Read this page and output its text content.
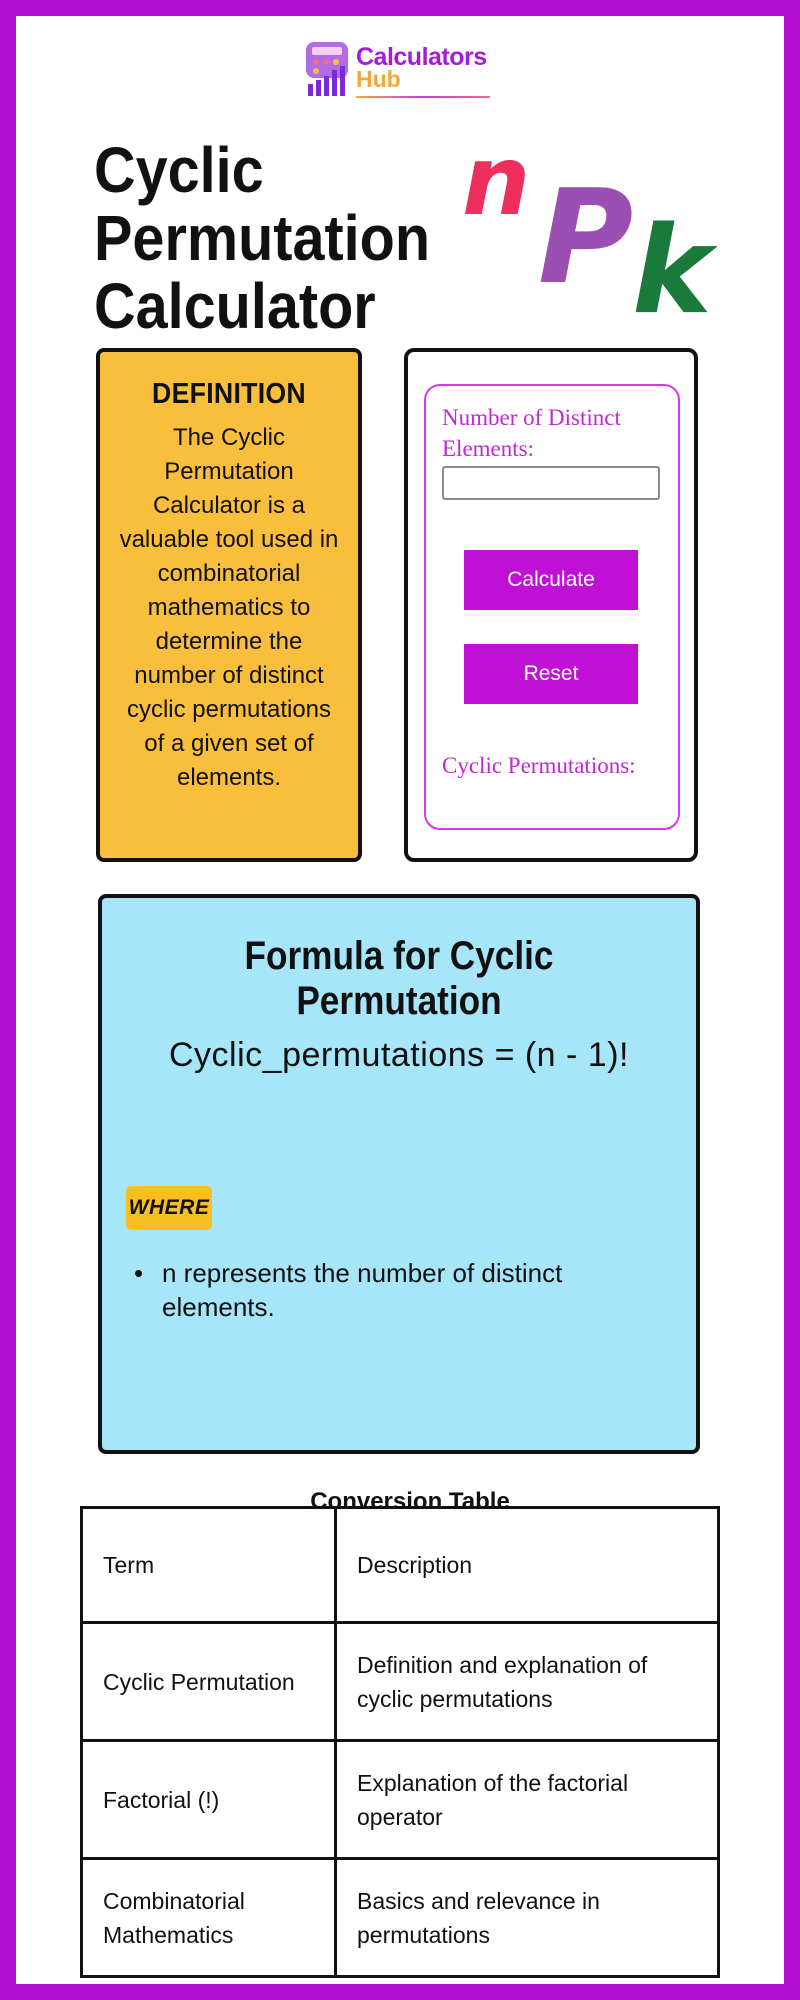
Calculators
Hub
Cyclic Permutation Calculator
n P
k
DEFINITION

The Cyclic Permutation Calculator is a valuable tool used in combinatorial mathematics to determine the number of distinct cyclic permutations of a given set of elements.

Number of Distinct Elements:
Calculate
Reset
Cyclic Permutations:
Formula for Cyclic Permutation
Cyclic_permutations = (n - 1)!
WHERE
• n represents the number of distinct elements.
Conversion Table
Term	Description
Cyclic Permutation	Definition and explanation of cyclic permutations
Factorial (!)	Explanation of the factorial operator
Combinatorial Mathematics	Basics and relevance in permutations
